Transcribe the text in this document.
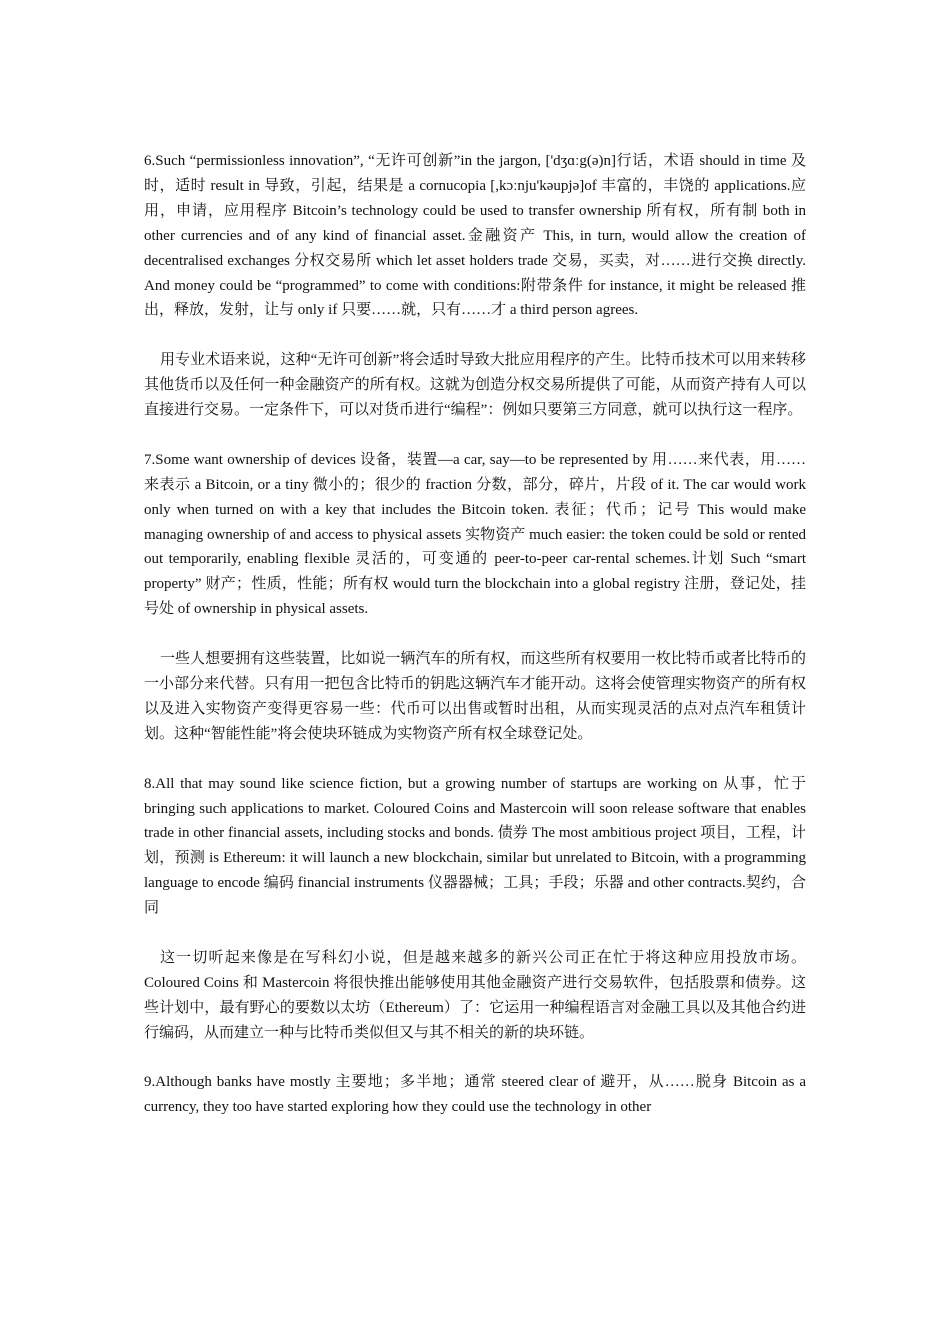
6.Such “permissionless innovation”, “无许可创新”in the jargon, ['dʒɑːg(ə)n]行话，术语 should in time 及时，适时 result in 导致，引起，结果是 a cornucopia [,kɔːnju'kəupjə]of 丰富的，丰饶的 applications.应用，申请，应用程序 Bitcoin’s technology could be used to transfer ownership 所有权，所有制 both in other currencies and of any kind of financial asset.金融资产 This, in turn, would allow the creation of decentralised exchanges 分权交易所 which let asset holders trade 交易，买卖，对……进行交换 directly. And money could be “programmed” to come with conditions:附带条件 for instance, it might be released 推出，释放，发射，让与 only if 只要……就，只有……才 a third person agrees.

用专业术语来说，这种“无许可创新”将会适时导致大批应用程序的产生。比特币技术可以用来转移其他货币以及任何一种金融资产的所有权。这就为创造分权交易所提供了可能，从而资产持有人可以直接进行交易。一定条件下，可以对货币进行“编程”：例如只要第三方同意，就可以执行这一程序。

7.Some want ownership of devices 设备，装置—a car, say—to be represented by 用……来代表，用……来表示 a Bitcoin, or a tiny 微小的；很少的 fraction 分数，部分，碎片，片段 of it. The car would work only when turned on with a key that includes the Bitcoin token. 表征；代币；记号 This would make managing ownership of and access to physical assets 实物资产 much easier: the token could be sold or rented out temporarily, enabling flexible 灵活的，可变通的 peer-to-peer car-rental schemes.计划 Such “smart property” 财产；性质，性能；所有权 would turn the blockchain into a global registry 注册，登记处，挂号处 of ownership in physical assets.

一些人想要拥有这些装置，比如说一辆汽车的所有权，而这些所有权要用一枚比特币或者比特币的一小部分来代替。只有用一把包含比特币的钥匙这辆汽车才能开动。这将会使管理实物资产的所有权以及进入实物资产变得更容易一些：代币可以出售或暂时出租，从而实现灵活的点对点汽车租赁计划。这种“智能性能”将会使块环链成为实物资产所有权全球登记处。

8.All that may sound like science fiction, but a growing number of startups are working on 从事，忙于 bringing such applications to market. Coloured Coins and Mastercoin will soon release software that enables trade in other financial assets, including stocks and bonds. 债券 The most ambitious project 项目，工程，计划，预测 is Ethereum: it will launch a new blockchain, similar but unrelated to Bitcoin, with a programming language to encode 编码 financial instruments 仪器器械；工具；手段；乐器 and other contracts.契约，合同

这一切听起来像是在写科幻小说，但是越来越多的新兴公司正在忙于将这种应用投放市场。Coloured Coins 和 Mastercoin 将很快推出能够使用其他金融资产进行交易软件，包括股票和债券。这些计划中，最有野心的要数以太坊（Ethereum）了：它运用一种编程语言对金融工具以及其他合约进行编码，从而建立一种与比特币类似但又与其不相关的新的块环链。

9.Although banks have mostly 主要地；多半地；通常 steered clear of 避开，从……脱身 Bitcoin as a currency, they too have started exploring how they could use the technology in other
